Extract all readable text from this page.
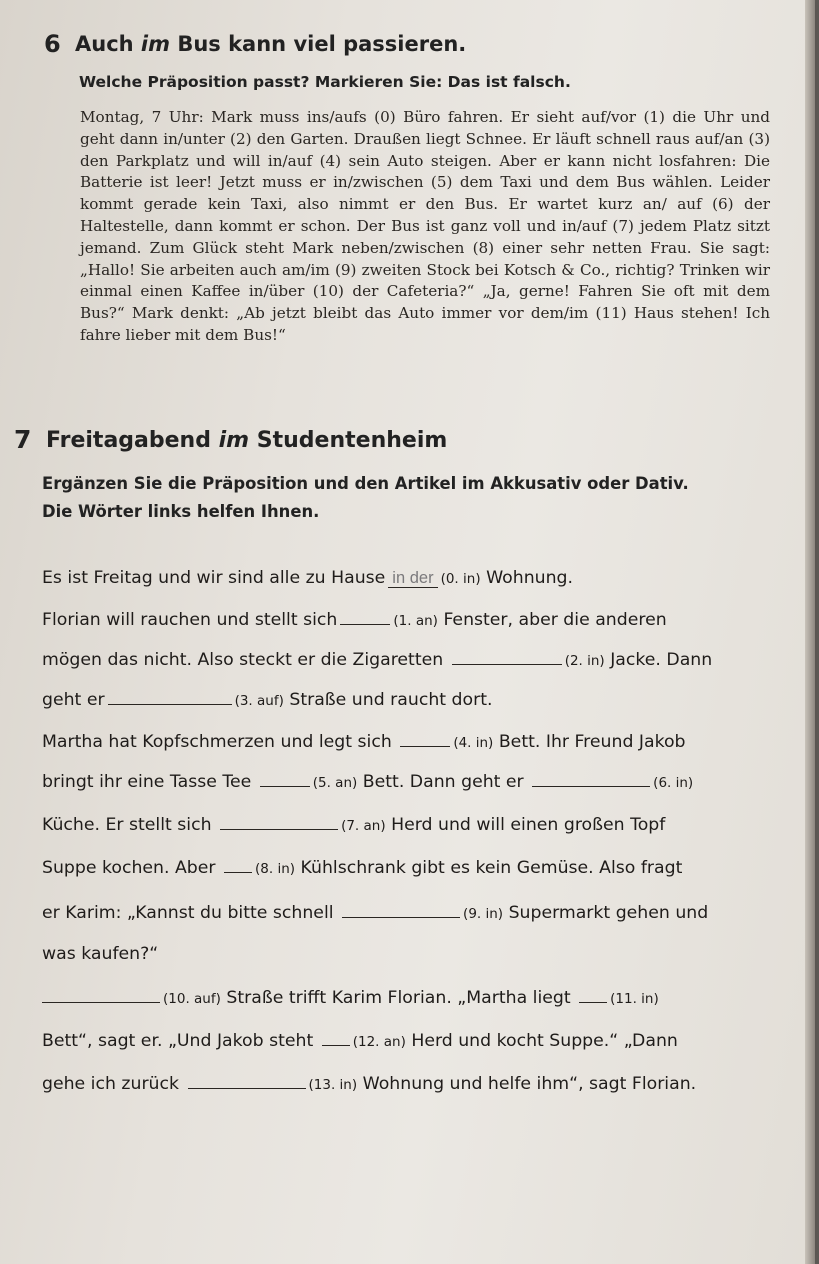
6 Auch im Bus kann viel passieren.
Welche Präposition passt? Markieren Sie: Das ist falsch.
Montag, 7 Uhr: Mark muss ins/aufs (0) Büro fahren. Er sieht auf/vor (1) die Uhr und geht dann in/unter (2) den Garten. Draußen liegt Schnee. Er läuft schnell raus auf/an (3) den Parkplatz und will in/auf (4) sein Auto steigen. Aber er kann nicht losfahren: Die Batterie ist leer! Jetzt muss er in/zwischen (5) dem Taxi und dem Bus wählen. Leider kommt gerade kein Taxi, also nimmt er den Bus. Er wartet kurz an/ auf (6) der Haltestelle, dann kommt er schon. Der Bus ist ganz voll und in/auf (7) jedem Platz sitzt jemand. Zum Glück steht Mark neben/zwischen (8) einer sehr netten Frau. Sie sagt: „Hallo! Sie arbeiten auch am/im (9) zweiten Stock bei Kotsch & Co., richtig? Trinken wir einmal einen Kaffee in/über (10) der Cafeteria?“ „Ja, gerne! Fahren Sie oft mit dem Bus?“ Mark denkt: „Ab jetzt bleibt das Auto immer vor dem/im (11) Haus stehen! Ich fahre lieber mit dem Bus!“
7 Freitagabend im Studentenheim
Ergänzen Sie die Präposition und den Artikel im Akkusativ oder Dativ.
Die Wörter links helfen Ihnen.
Es ist Freitag und wir sind alle zu Hause in der (0. in) Wohnung.
Florian will rauchen und stellt sich	(1. an) Fenster, aber die anderen
mögen das nicht. Also steckt er die Zigaretten	(2. in) Jacke. Dann
geht er	(3. auf) Straße und raucht dort.
Martha hat Kopfschmerzen und legt sich	(4. in) Bett. Ihr Freund Jakob
bringt ihr eine Tasse Tee	(5. an) Bett. Dann geht er	(6. in)
Küche. Er stellt sich	(7. an) Herd und will einen großen Topf
Suppe kochen. Aber	(8. in) Kühlschrank gibt es kein Gemüse. Also fragt
er Karim: „Kannst du bitte schnell	(9. in) Supermarkt gehen und
was kaufen?“
(10. auf) Straße trifft Karim Florian. „Martha liegt	(11. in)
Bett“, sagt er. „Und Jakob steht	(12. an) Herd und kocht Suppe.“ „Dann
gehe ich zurück	(13. in) Wohnung und helfe ihm“, sagt Florian.
